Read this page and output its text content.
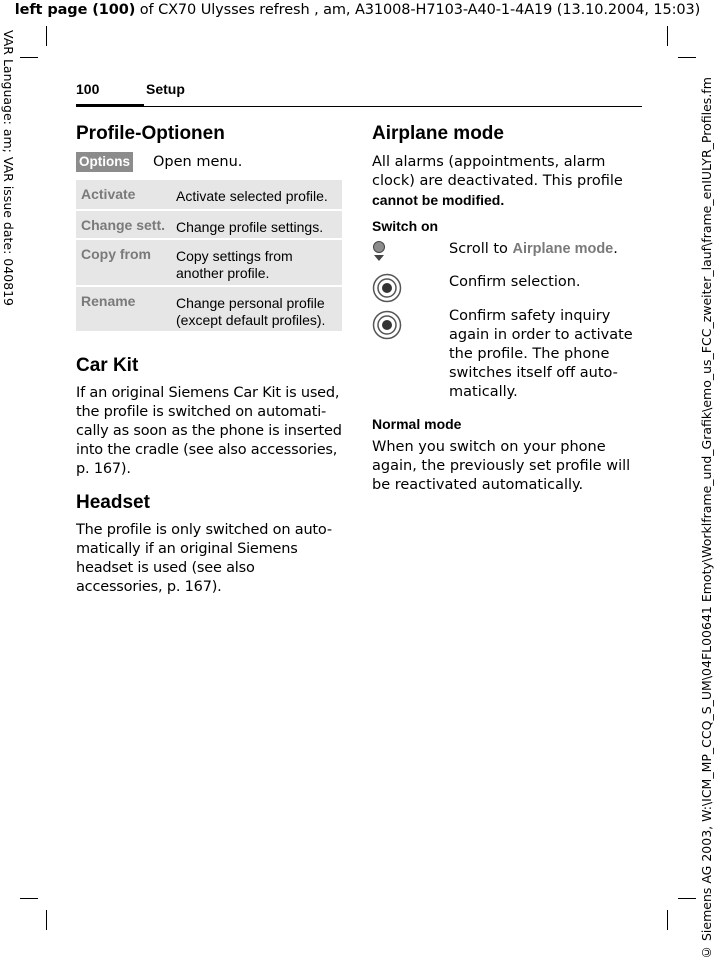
left page (100) of CX70 Ulysses refresh , am, A31008-H7103-A40-1-4A19 (13.10.2004, 15:03)
VAR Language: am; VAR issue date: 040819	© Siemens AG 2003, W:\ICM_MP_CCQ_S_UM\04FL00641 Emoty\Worklframe_und_Grafik\emo_us_FCC_zweiter_lauf\frame_enIULYR_Profiles.fm
100	Setup
Profile-Optionen
Options Open menu.
Activate	Activate selected profile.
Change sett. Change profile settings.
Copy from	Copy settings from another profile.
Rename	Change personal profile (except default profiles).
Car Kit
If an original Siemens Car Kit is used, the profile is switched on automati-cally as soon as the phone is inserted into the cradle (see also accessories, p. 167).
Headset
The profile is only switched on auto-matically if an original Siemens headset is used (see also accessories, p. 167).
Airplane mode
All alarms (appointments, alarm clock) are deactivated. This profile cannot be modified.
Switch on
Scroll to Airplane mode.
Confirm selection.
Confirm safety inquiry again in order to activate the profile. The phone switches itself off auto-matically.
Normal mode
When you switch on your phone again, the previously set profile will be reactivated automatically.
